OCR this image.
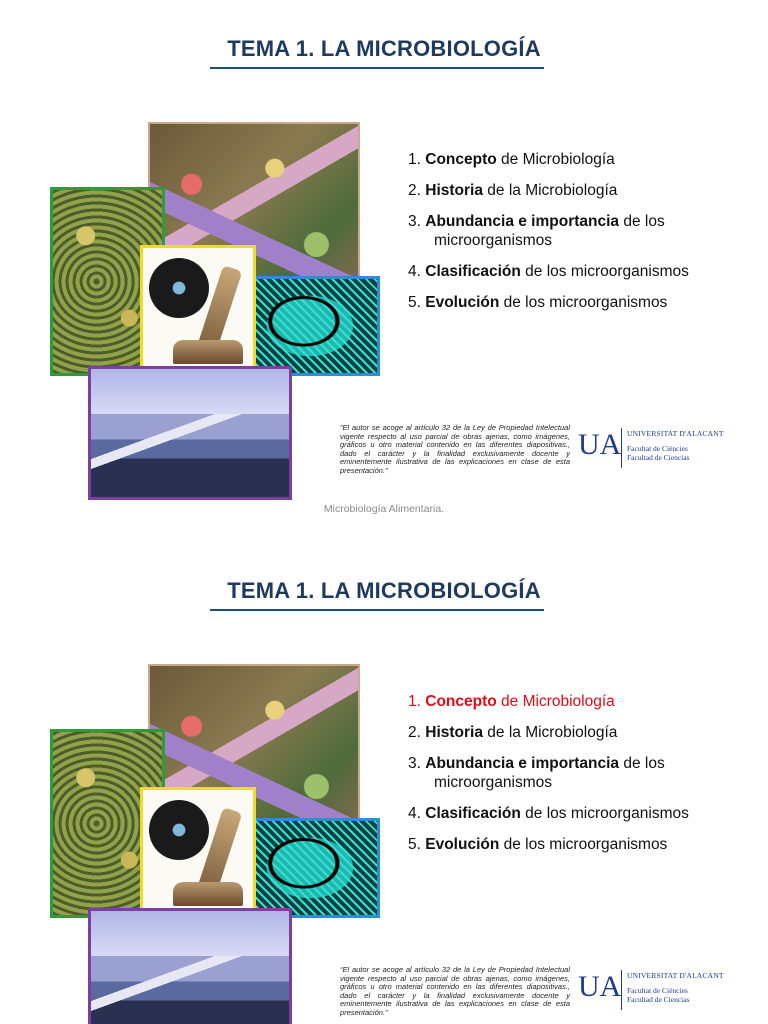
TEMA 1. LA MICROBIOLOGÍA
1. Concepto de Microbiología
2. Historia de la Microbiología
3. Abundancia e importancia de los
microorganismos
4. Clasificación de los microorganismos
5. Evolución de los microorganismos
“El autor se acoge al artículo 32 de la Ley de Propiedad Intelectual vigente respecto al uso parcial de obras ajenas, como imágenes, gráficos u otro material contenido en las diferentes diapositivas., dado el carácter y la finalidad exclusivamente docente y eminentemente ilustrativa de las explicaciones en clase de esta presentación.”
UA UNIVERSITAT D'ALACANT
Facultat de Ciències
Facultad de Ciencias
Microbiología Alimentaria.
TEMA 1. LA MICROBIOLOGÍA
1. Concepto de Microbiología
2. Historia de la Microbiología
3. Abundancia e importancia de los
microorganismos
4. Clasificación de los microorganismos
5. Evolución de los microorganismos
“El autor se acoge al artículo 32 de la Ley de Propiedad Intelectual vigente respecto al uso parcial de obras ajenas, como imágenes, gráficos u otro material contenido en las diferentes diapositivas., dado el carácter y la finalidad exclusivamente docente y eminentemente ilustrativa de las explicaciones en clase de esta presentación.”
UA UNIVERSITAT D'ALACANT
Facultat de Ciències
Facultad de Ciencias
